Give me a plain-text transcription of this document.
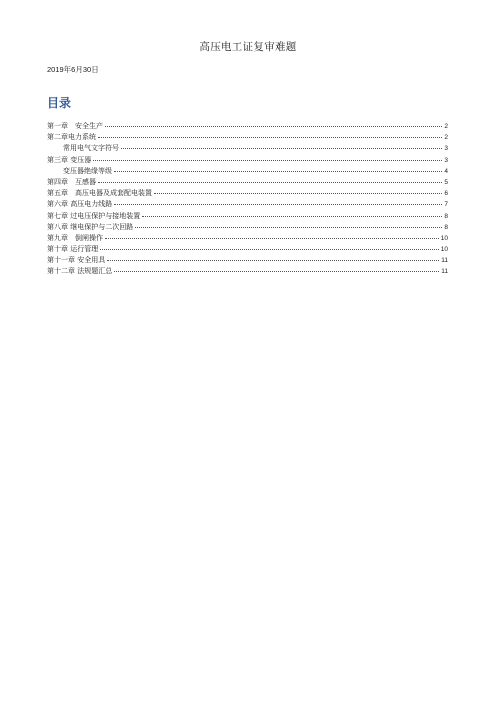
高压电工证复审难题
2019年6月30日
目录
第一章　安全生产	2
第二章电力系统	2
常用电气文字符号	3
第三章 变压器	3
变压器绝缘等级	4
第四章　互感器	5
第五章　高压电器及成套配电装置	6
第六章 高压电力线路	7
第七章 过电压保护与接地装置	8
第八章 继电保护与二次回路	8
第九章　倒闸操作	10
第十章 运行管理	10
第十一章 安全用具	11
第十二章 法规题汇总	11
